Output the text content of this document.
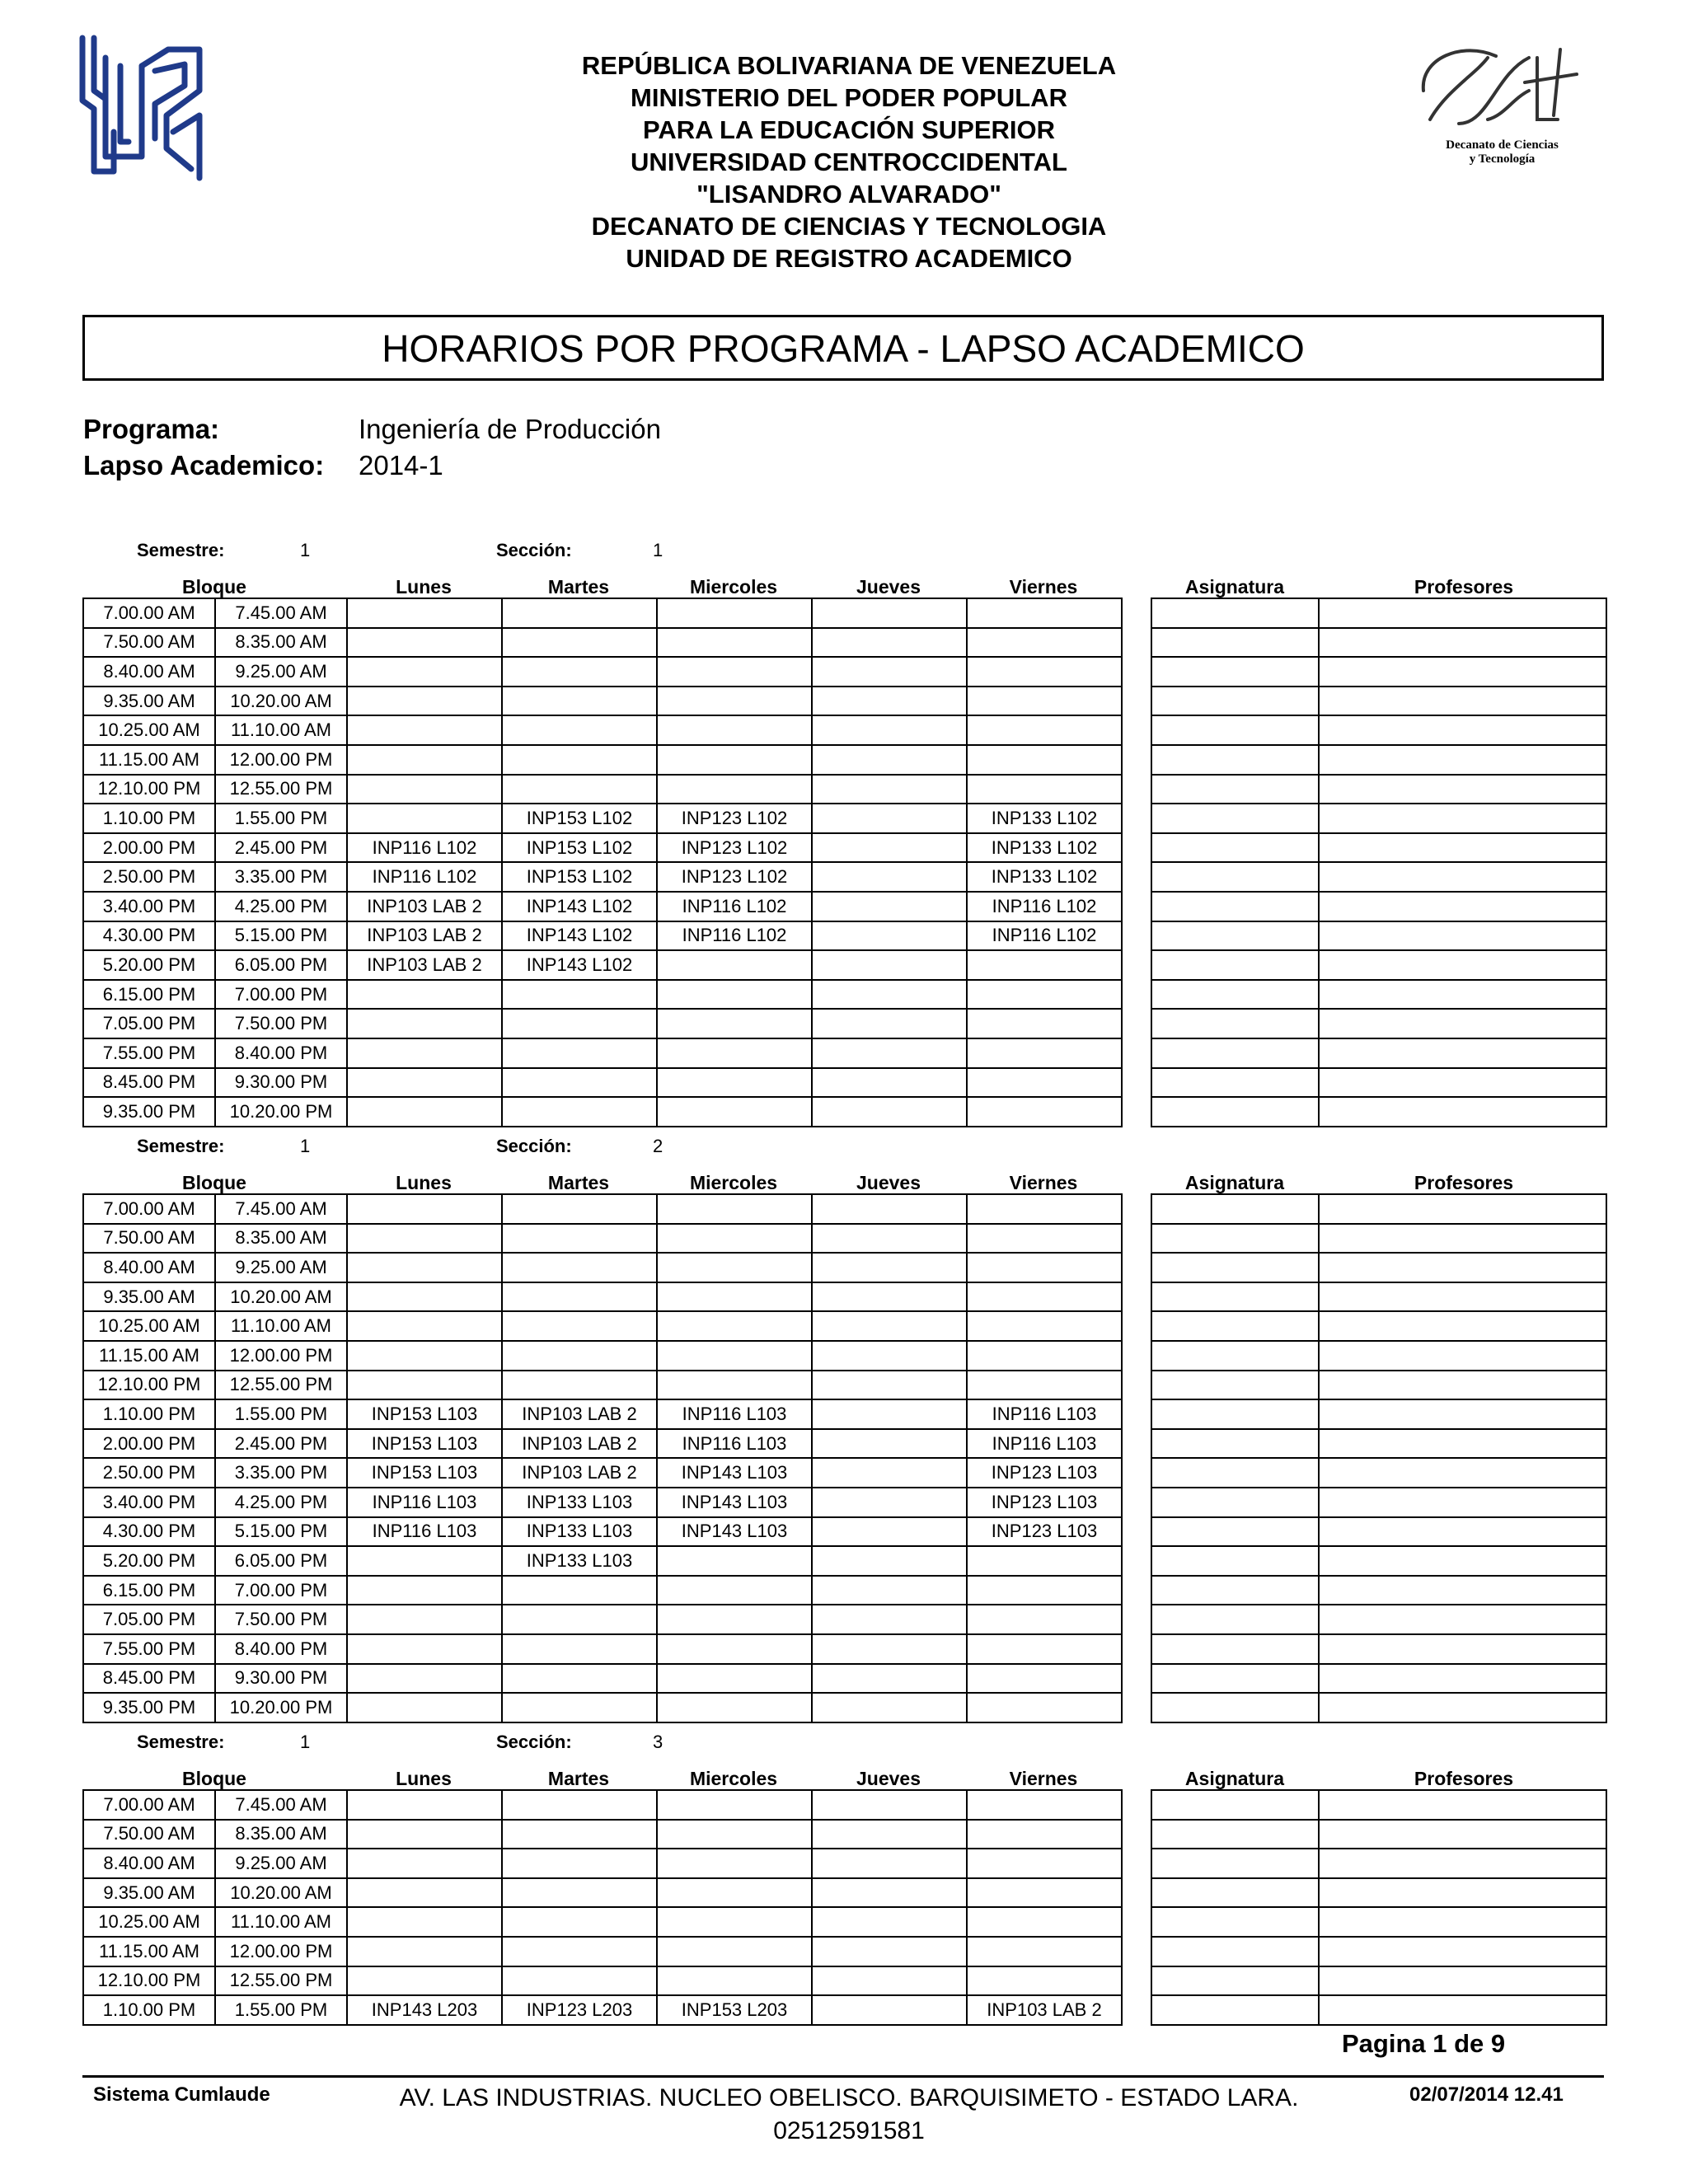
Decanato de Ciencias
y Tecnología
REPÚBLICA BOLIVARIANA DE VENEZUELA
MINISTERIO DEL PODER POPULAR
PARA LA EDUCACIÓN SUPERIOR
UNIVERSIDAD CENTROCCIDENTAL
"LISANDRO ALVARADO"
DECANATO DE CIENCIAS Y TECNOLOGIA
UNIDAD DE REGISTRO ACADEMICO
HORARIOS POR PROGRAMA - LAPSO ACADEMICO
Programa:	Ingeniería de Producción
Lapso Academico:	2014-1
Semestre:	1	Sección:	1
Bloque	Lunes	Martes	Miercoles	Jueves	Viernes	Asignatura	Profesores
7.00.00 AM	7.45.00 AM					
7.50.00 AM	8.35.00 AM					
8.40.00 AM	9.25.00 AM					
9.35.00 AM	10.20.00 AM					
10.25.00 AM	11.10.00 AM					
11.15.00 AM	12.00.00 PM					
12.10.00 PM	12.55.00 PM					
1.10.00 PM	1.55.00 PM		INP153 L102	INP123 L102		INP133 L102
2.00.00 PM	2.45.00 PM	INP116 L102	INP153 L102	INP123 L102		INP133 L102
2.50.00 PM	3.35.00 PM	INP116 L102	INP153 L102	INP123 L102		INP133 L102
3.40.00 PM	4.25.00 PM	INP103 LAB 2	INP143 L102	INP116 L102		INP116 L102
4.30.00 PM	5.15.00 PM	INP103 LAB 2	INP143 L102	INP116 L102		INP116 L102
5.20.00 PM	6.05.00 PM	INP103 LAB 2	INP143 L102			
6.15.00 PM	7.00.00 PM					
7.05.00 PM	7.50.00 PM					
7.55.00 PM	8.40.00 PM					
8.45.00 PM	9.30.00 PM					
9.35.00 PM	10.20.00 PM					

Semestre:	1	Sección:	2
Bloque	Lunes	Martes	Miercoles	Jueves	Viernes	Asignatura	Profesores
7.00.00 AM	7.45.00 AM					
7.50.00 AM	8.35.00 AM					
8.40.00 AM	9.25.00 AM					
9.35.00 AM	10.20.00 AM					
10.25.00 AM	11.10.00 AM					
11.15.00 AM	12.00.00 PM					
12.10.00 PM	12.55.00 PM					
1.10.00 PM	1.55.00 PM	INP153 L103	INP103 LAB 2	INP116 L103		INP116 L103
2.00.00 PM	2.45.00 PM	INP153 L103	INP103 LAB 2	INP116 L103		INP116 L103
2.50.00 PM	3.35.00 PM	INP153 L103	INP103 LAB 2	INP143 L103		INP123 L103
3.40.00 PM	4.25.00 PM	INP116 L103	INP133 L103	INP143 L103		INP123 L103
4.30.00 PM	5.15.00 PM	INP116 L103	INP133 L103	INP143 L103		INP123 L103
5.20.00 PM	6.05.00 PM		INP133 L103			
6.15.00 PM	7.00.00 PM					
7.05.00 PM	7.50.00 PM					
7.55.00 PM	8.40.00 PM					
8.45.00 PM	9.30.00 PM					
9.35.00 PM	10.20.00 PM					

Semestre:	1	Sección:	3
Bloque	Lunes	Martes	Miercoles	Jueves	Viernes	Asignatura	Profesores
7.00.00 AM	7.45.00 AM					
7.50.00 AM	8.35.00 AM					
8.40.00 AM	9.25.00 AM					
9.35.00 AM	10.20.00 AM					
10.25.00 AM	11.10.00 AM					
11.15.00 AM	12.00.00 PM					
12.10.00 PM	12.55.00 PM					
1.10.00 PM	1.55.00 PM	INP143 L203	INP123 L203	INP153 L203		INP103 LAB 2

Pagina 1 de 9
Sistema Cumlaude	AV. LAS INDUSTRIAS. NUCLEO OBELISCO. BARQUISIMETO - ESTADO LARA.
02512591581
02/07/2014 12.41
